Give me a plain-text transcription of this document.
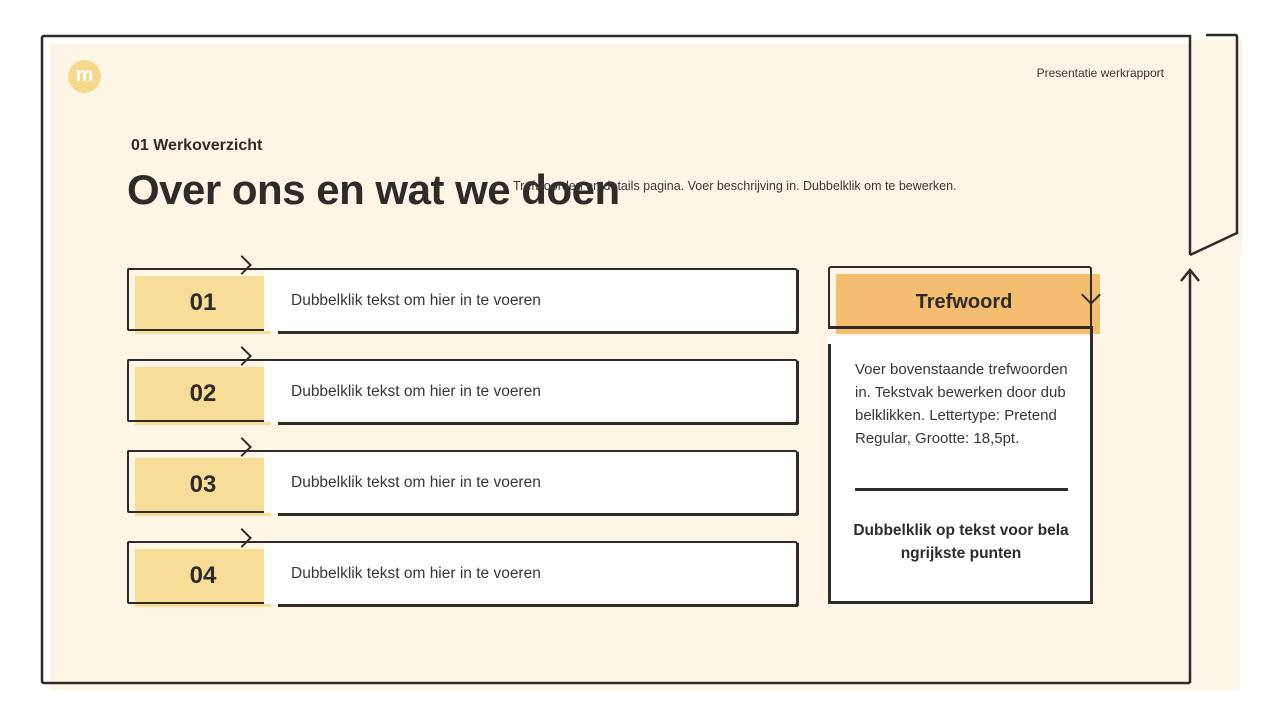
m	Presentatie werkrapport
01 Werkoverzicht
Over ons en wat we doen
Trefwoorden en details pagina. Voer beschrijving in. Dubbelklik om te bewerken.
01	Dubbelklik tekst om hier in te voeren
02	Dubbelklik tekst om hier in te voeren
03	Dubbelklik tekst om hier in te voeren
04	Dubbelklik tekst om hier in te voeren
Trefwoord
Voer bovenstaande trefwoorden in. Tekstvak bewerken door dubbelklikken. Lettertype: Pretend Regular, Grootte: 18,5pt.
Dubbelklik op tekst voor belangrijkste punten
